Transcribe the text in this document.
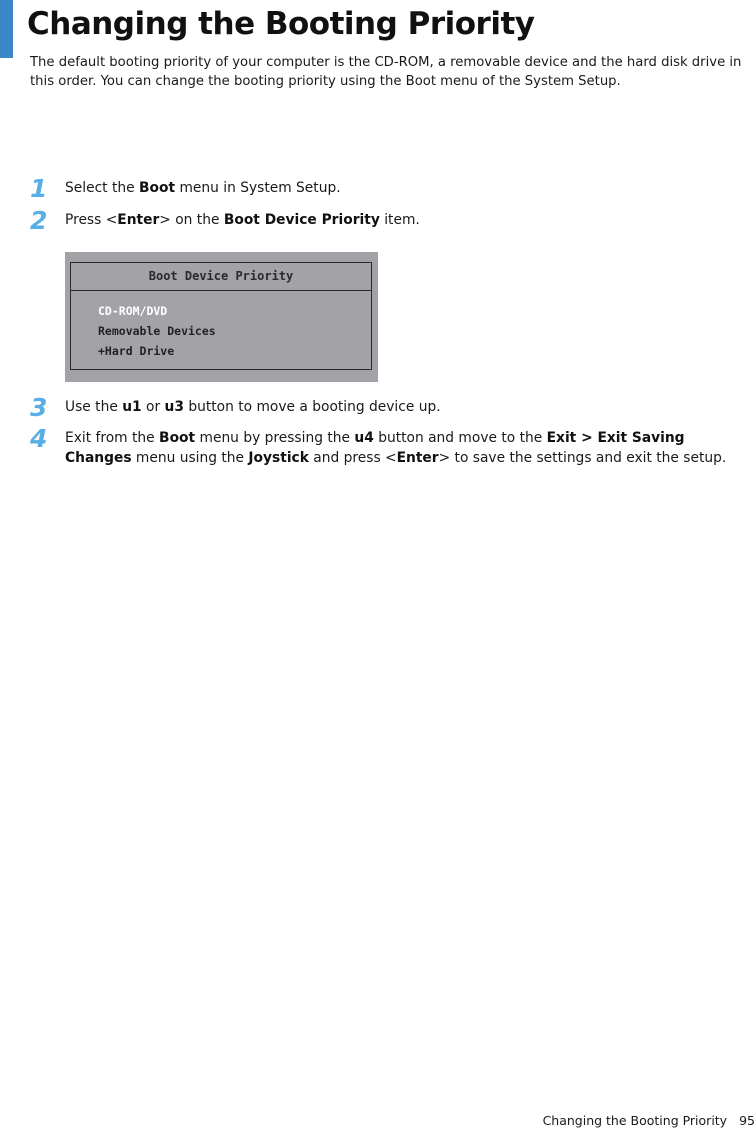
Changing the Booting Priority

The default booting priority of your computer is the CD-ROM, a removable device and the hard disk drive in this order. You can change the booting priority using the Boot menu of the System Setup.

1 Select the Boot menu in System Setup.
2 Press <Enter> on the Boot Device Priority item.
Boot Device Priority
CD-ROM/DVD
Removable Devices
+Hard Drive
3 Use the u1 or u3 button to move a booting device up.
4 Exit from the Boot menu by pressing the u4 button and move to the Exit > Exit Saving Changes menu using the Joystick and press <Enter> to save the settings and exit the setup.
Changing the Booting Priority 95
